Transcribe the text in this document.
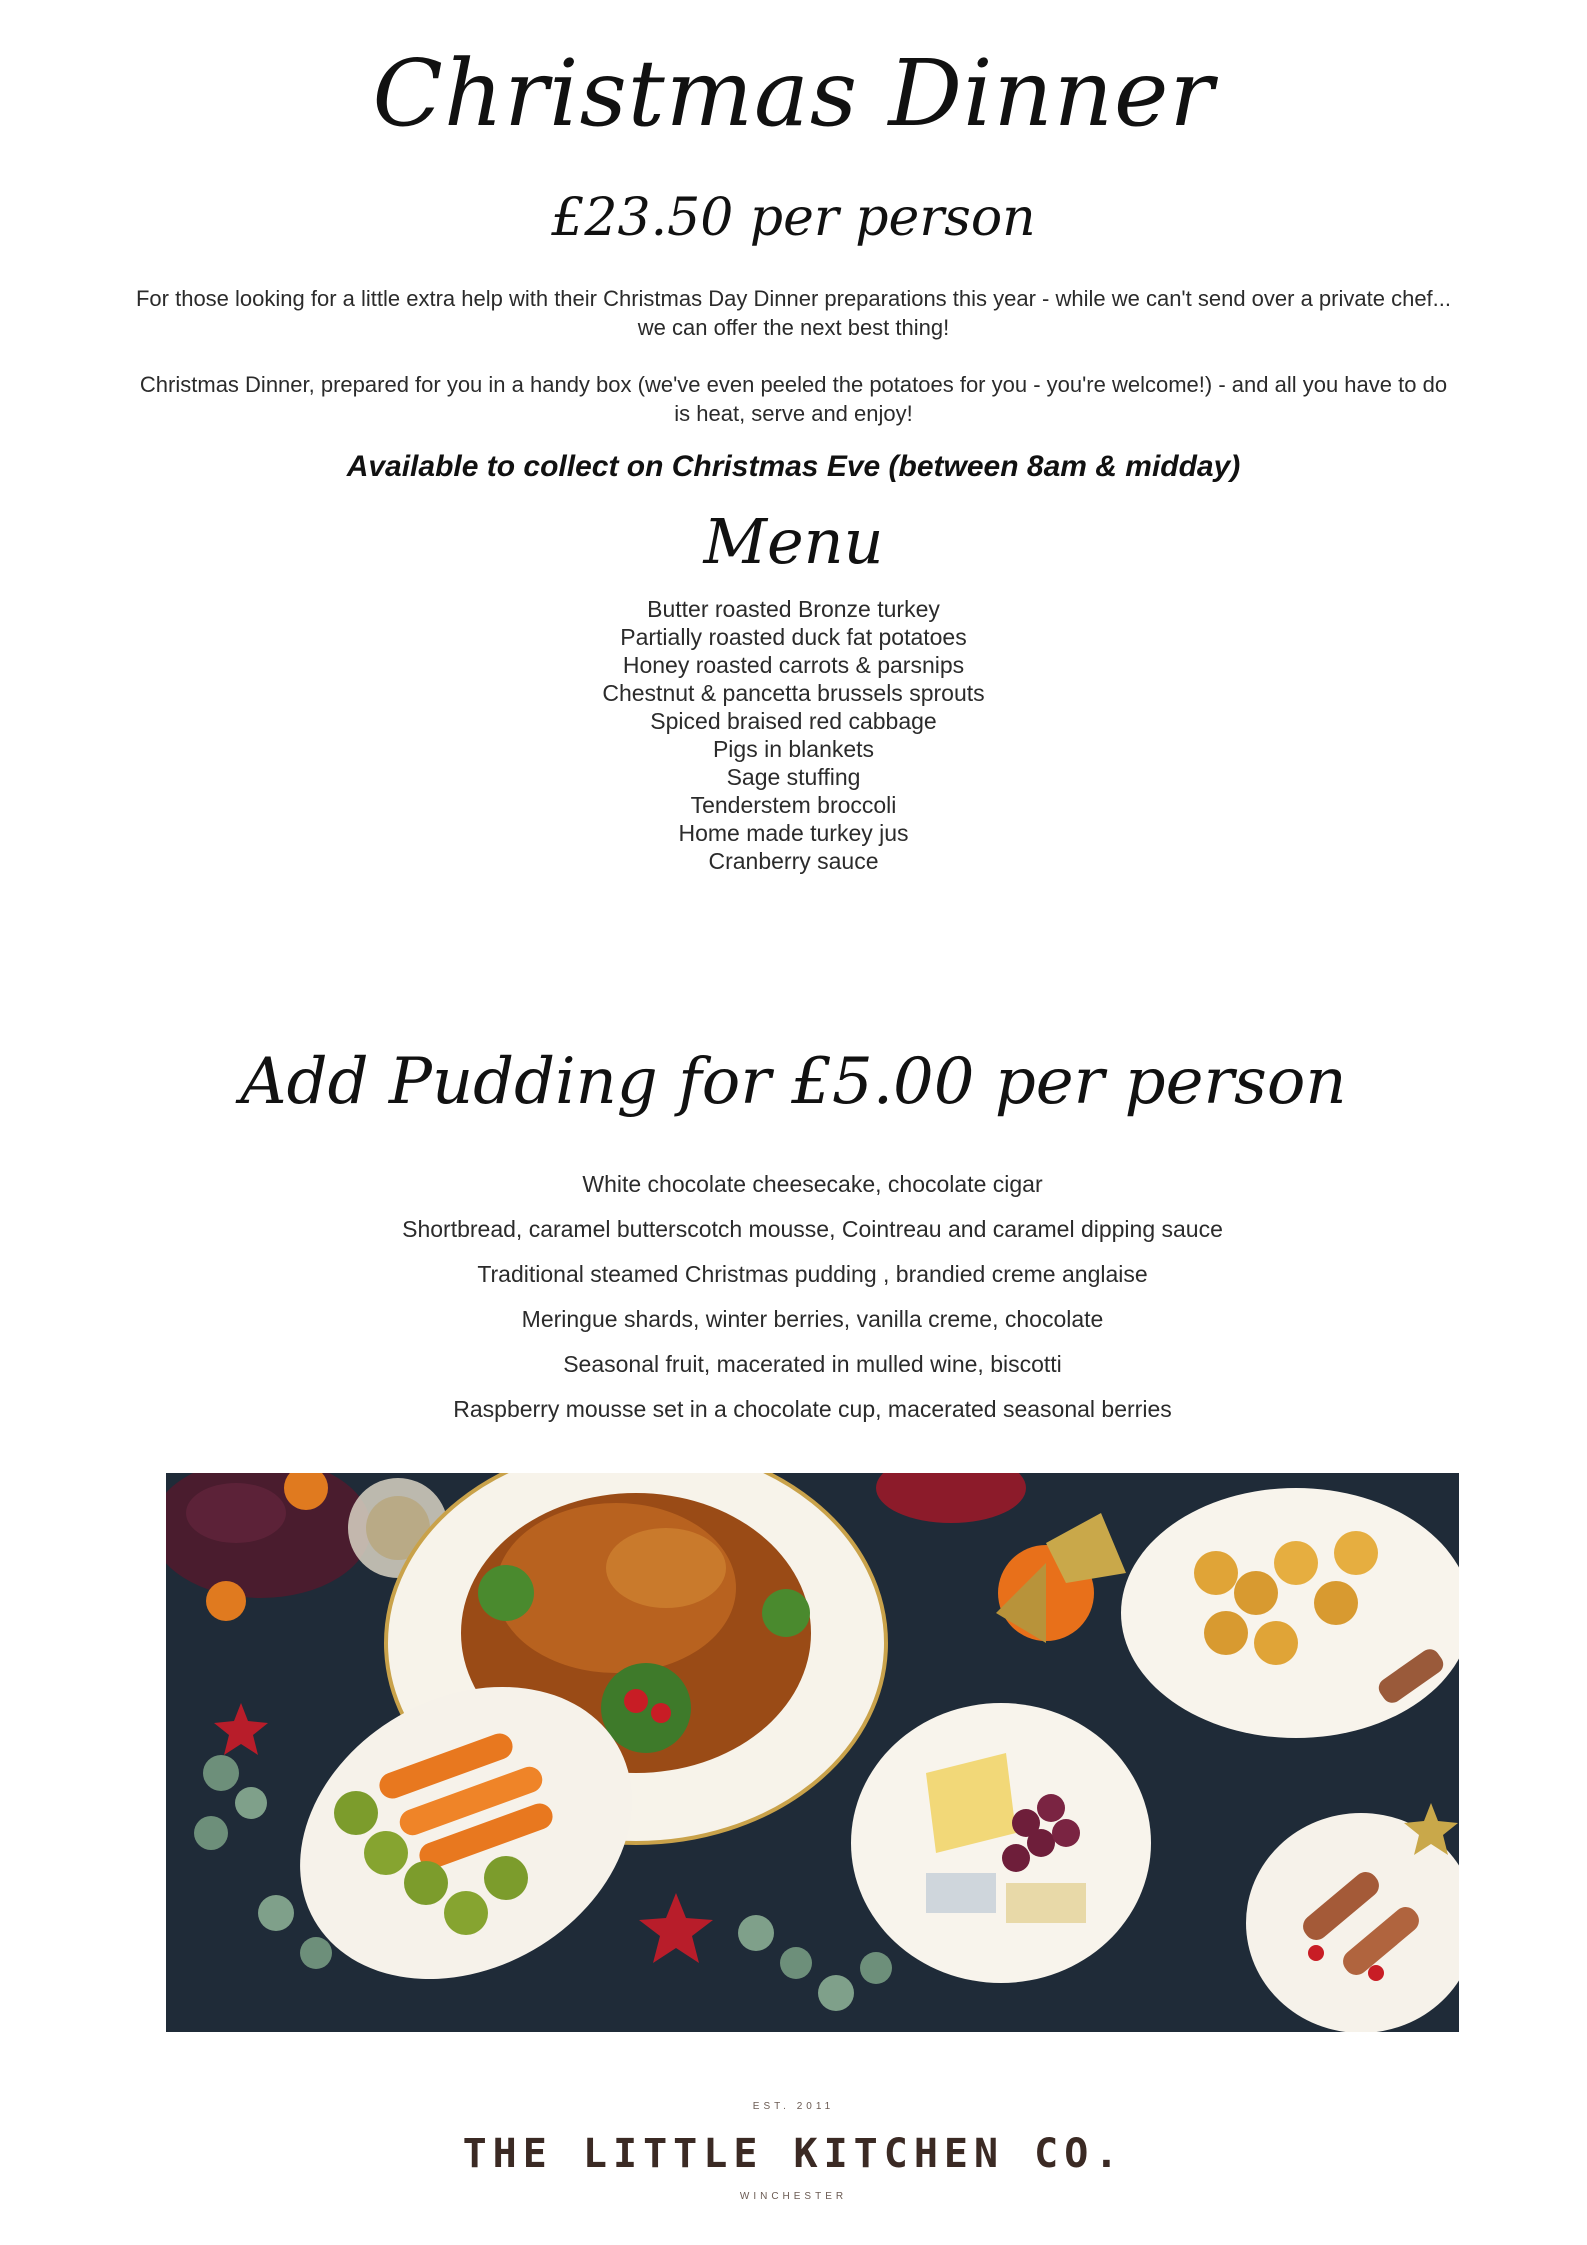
Christmas Dinner
£23.50 per person
For those looking for a little extra help with their Christmas Day Dinner preparations this year - while we can't send over a private chef...
we can offer the next best thing!
Christmas Dinner, prepared for you in a handy box (we've even peeled the potatoes for you - you're welcome!) - and all you have to do
is heat, serve and enjoy!
Available to collect on Christmas Eve (between 8am & midday)
Menu
Butter roasted Bronze turkey
Partially roasted duck fat potatoes
Honey roasted carrots & parsnips
Chestnut & pancetta brussels sprouts
Spiced braised red cabbage
Pigs in blankets
Sage stuffing
Tenderstem broccoli
Home made turkey jus
Cranberry sauce
Add Pudding for £5.00 per person
White chocolate cheesecake, chocolate cigar
Shortbread, caramel butterscotch mousse, Cointreau and caramel dipping sauce
Traditional steamed Christmas pudding , brandied creme anglaise
Meringue shards, winter berries, vanilla creme, chocolate
Seasonal fruit, macerated in mulled wine, biscotti
Raspberry mousse set in a chocolate cup, macerated seasonal berries
EST. 2011
THE LITTLE KITCHEN CO.
WINCHESTER
